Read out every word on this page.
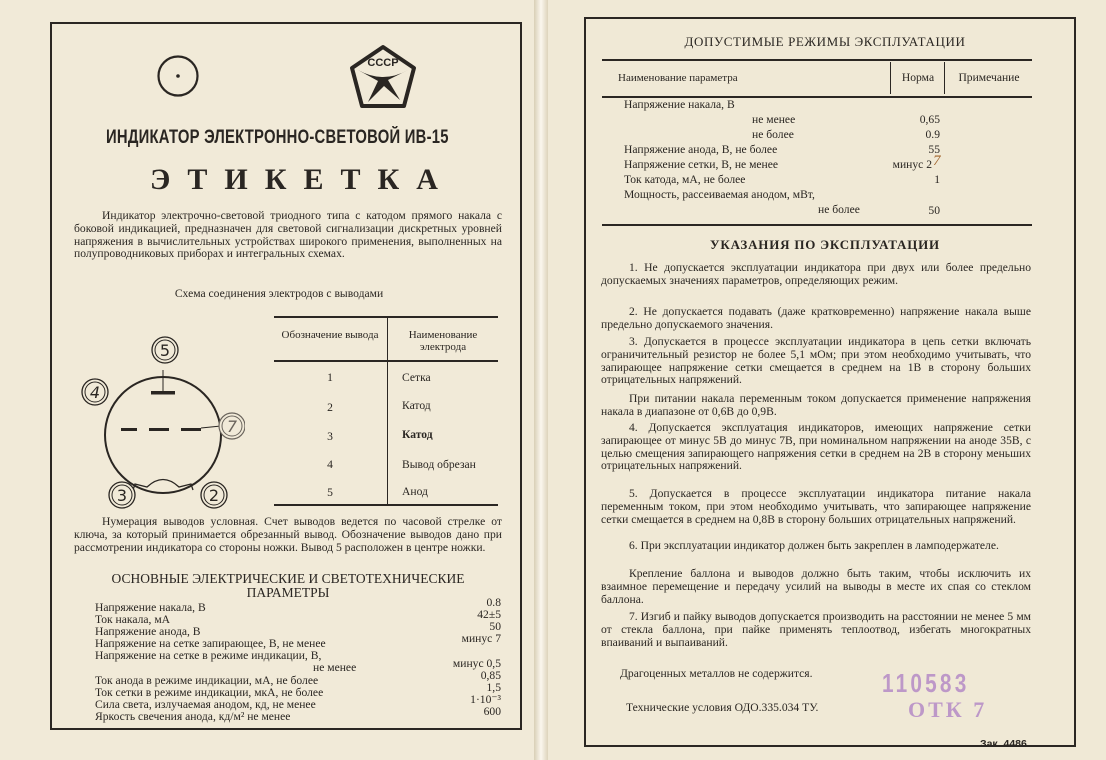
СССР
ИНДИКАТОР ЭЛЕКТРОННО-СВЕТОВОЙ ИВ-15
ЭТИКЕТКА
Индикатор электрочно-световой триодного типа с катодом прямого накала с боковой индикацией, предназначен для световой сигнализации дискретных уровней напряжения в вычислительных устройствах широкого применения, выполненных на полупроводниковых приборах и интегральных схемах.
Схема соединения электродов с выводами
5
4
7
3	2
Обозначение вывода	Наименование электрода
1	Сетка
2	Катод
3	Катод
4	Вывод обрезан
5	Анод
Нумерация выводов условная. Счет выводов ведется по часовой стрелке от ключа, за который принимается обрезанный вывод. Обозначение выводов дано при рассмотрении индикатора со стороны ножки. Вывод 5 расположен в центре ножки.
ОСНОВНЫЕ ЭЛЕКТРИЧЕСКИЕ И СВЕТОТЕХНИЧЕСКИЕ
ПАРАМЕТРЫ
Напряжение накала, В	0.8
Ток накала, мА	42±5
Напряжение анода, В	50
Напряжение на сетке запирающее, В, не менее	минус 7
Напряжение на сетке в режиме индикации, В,
не менее	минус 0,5
Ток анода в режиме индикации, мА, не более	0,85
Ток сетки в режиме индикации, мкА, не более	1,5
Сила света, излучаемая анодом, кд, не менее	1·10⁻³
Яркость свечения анода, кд/м² не менее	600
ДОПУСТИМЫЕ РЕЖИМЫ ЭКСПЛУАТАЦИИ
Наименование параметра	Норма	Примечание
Напряжение накала, В
не менее	0,65
не более	0.9
Напряжение анода, В, не более	55
Напряжение сетки, В, не менее	минус 2 7
Ток катода, мА, не более	1
Мощность, рассеиваемая анодом, мВт,
не более	50
УКАЗАНИЯ ПО ЭКСПЛУАТАЦИИ
1. Не допускается эксплуатации индикатора при двух или более предельно допускаемых значениях параметров, определяющих режим.
2. Не допускается подавать (даже кратковременно) напряжение накала выше предельно допускаемого значения.
3. Допускается в процессе эксплуатации индикатора в цепь сетки включать ограничительный резистор не более 5,1 мОм; при этом необходимо учитывать, что запирающее напряжение сетки смещается в среднем на 1В в сторону больших отрицательных напряжений.
При питании накала переменным током допускается применение напряжения накала в диапазоне от 0,6В до 0,9В.
4. Допускается эксплуатация индикаторов, имеющих напряжение сетки запирающее от минус 5В до минус 7В, при номинальном напряжении на аноде 35В, с целью смещения запирающего напряжения сетки в среднем на 2В в сторону меньших отрицательных напряжений.
5. Допускается в процессе эксплуатации индикатора питание накала переменным током, при этом необходимо учитывать, что запирающее напряжение сетки смещается в среднем на 0,8В в сторону больших отрицательных напряжений.
6. При эксплуатации индикатор должен быть закреплен в ламподержателе.
Крепление баллона и выводов должно быть таким, чтобы исключить их взаимное перемещение и передачу усилий на выводы в месте их спая со стеклом баллона.
7. Изгиб и пайку выводов допускается производить на расстоянии не менее 5 мм от стекла баллона, при пайке применять теплоотвод, избегать многократных впаиваний и выпаиваний.
Драгоценных металлов не содержится.
Технические условия ОДО.335.034 ТУ.
110583
ОТК 7
Зак. 4486
